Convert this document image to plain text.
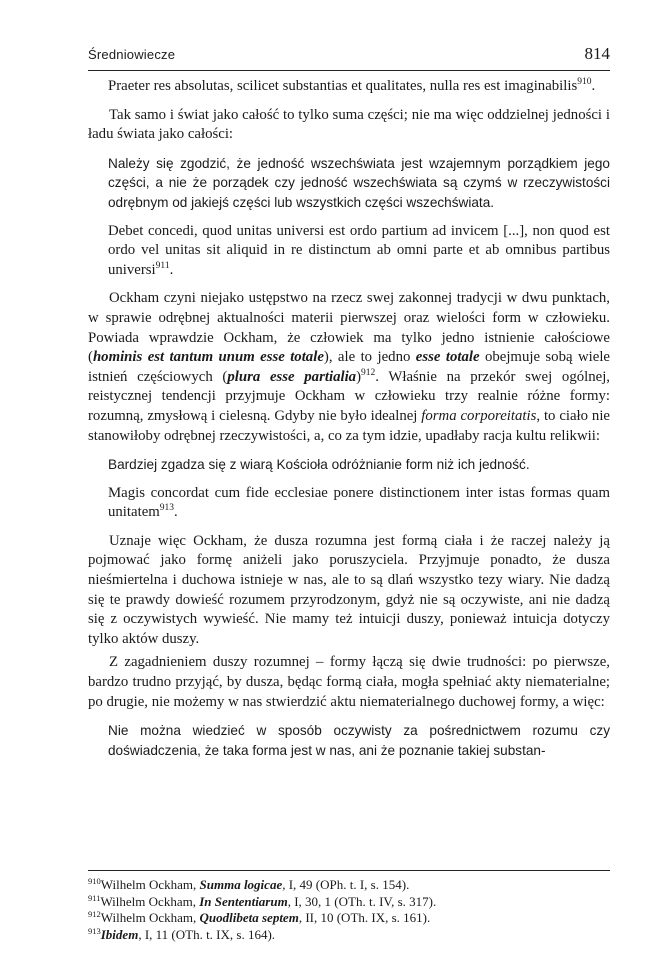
Średniowiecze	814

Praeter res absolutas, scilicet substantias et qualitates, nulla res est imaginabilis$^{910}$.

Tak samo i świat jako całość to tylko suma części; nie ma więc oddzielnej jedności i ładu świata jako całości:

Należy się zgodzić, że jedność wszechświata jest wzajemnym porządkiem jego części, a nie że porządek czy jedność wszechświata są czymś w rzeczywistości odrębnym od jakiejś części lub wszystkich części wszechświata.

Debet concedi, quod unitas universi est ordo partium ad invicem [...], non quod est ordo vel unitas sit aliquid in re distinctum ab omni parte et ab omnibus partibus universi$^{911}$.

Ockham czyni niejako ustępstwo na rzecz swej zakonnej tradycji w dwu punktach, w sprawie odrębnej aktualności materii pierwszej oraz wielości form w człowieku. Powiada wprawdzie Ockham, że człowiek ma tylko jedno istnienie całościowe (hominis est tantum unum esse totale), ale to jedno esse totale obejmuje sobą wiele istnień częściowych (plura esse partialia)$^{912}$. Właśnie na przekór swej ogólnej, reistycznej tendencji przyjmuje Ockham w człowieku trzy realnie różne formy: rozumną, zmysłową i cielesną. Gdyby nie było idealnej forma corporeitatis, to ciało nie stanowiłoby odrębnej rzeczywistości, a, co za tym idzie, upadłaby racja kultu relikwii:

Bardziej zgadza się z wiarą Kościoła odróżnianie form niż ich jedność.

Magis concordat cum fide ecclesiae ponere distinctionem inter istas formas quam unitatem$^{913}$.

Uznaje więc Ockham, że dusza rozumna jest formą ciała i że raczej należy ją pojmować jako formę aniżeli jako poruszyciela. Przyjmuje ponadto, że dusza nieśmiertelna i duchowa istnieje w nas, ale to są dlań wszystko tezy wiary. Nie dadzą się te prawdy dowieść rozumem przyrodzonym, gdyż nie są oczywiste, ani nie dadzą się z oczywistych wywieść. Nie mamy też intuicji duszy, ponieważ intuicja dotyczy tylko aktów duszy.

Z zagadnieniem duszy rozumnej – formy łączą się dwie trudności: po pierwsze, bardzo trudno przyjąć, by dusza, będąc formą ciała, mogła spełniać akty niematerialne; po drugie, nie możemy w nas stwierdzić aktu niematerialnego duchowej formy, a więc:

Nie można wiedzieć w sposób oczywisty za pośrednictwem rozumu czy doświadczenia, że taka forma jest w nas, ani że poznanie takiej substan-

$^{910}$Wilhelm Ockham, Summa logicae, I, 49 (OPh. t. I, s. 154).

$^{911}$Wilhelm Ockham, In Sententiarum, I, 30, 1 (OTh. t. IV, s. 317).

$^{912}$Wilhelm Ockham, Quodlibeta septem, II, 10 (OTh. IX, s. 161).

$^{913}$Ibidem, I, 11 (OTh. t. IX, s. 164).
